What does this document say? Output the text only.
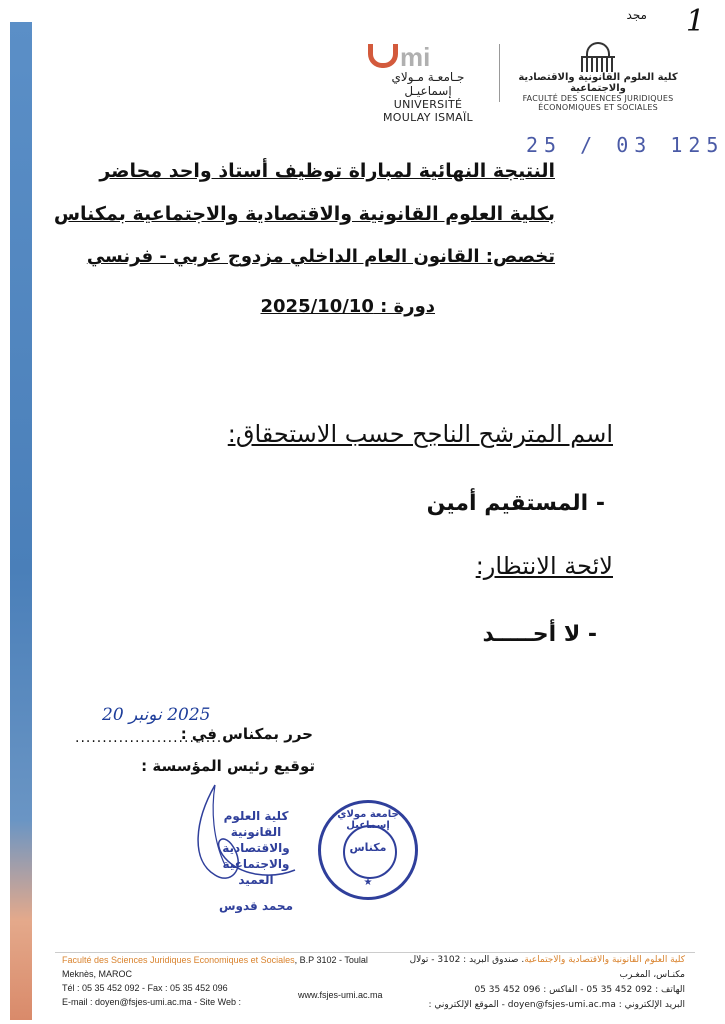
1
مجد
mi
جـامعـة مـولاي إسماعيـل
UNIVERSITÉ MOULAY ISMAÏL
كلية العلوم القانونية والاقتصادية والاجتماعية
FACULTÉ DES SCIENCES JURIDIQUES ÉCONOMIQUES ET SOCIALES
25 / 03 125
النتيجة النهائية لمباراة توظيف أستاذ واحد محاضر
بكلية العلوم القانونية والاقتصادية والاجتماعية بمكناس
تخصص: القانون العام الداخلي مزدوج عربي - فرنسي
دورة : 2025/10/10
اسم المترشح الناجح حسب الاستحقاق:
- المستقيم أمين
لائحة الانتظار:
- لا أحـــــد
2025 نونبر 20
حرر بمكناس في :
...........................
توقيع رئيس المؤسسة :
كلية العلوم القانونية
والاقتصادية والاجتماعية
العميد
محمد قدوس
جامعة مولاي إسماعيل
مكناس
★
Faculté des Sciences Juridiques Economiques et Sociales, B.P 3102 - Toulal
Meknès, MAROC
Tél : 05 35 452 092 - Fax : 05 35 452 096
E-mail : doyen@fsjes-umi.ac.ma - Site Web :
www.fsjes-umi.ac.ma
كلية العلوم القانونية والاقتصادية والاجتماعية. صندوق البريد : 3102 - تولال
مكنـاس، المغـرب
الهاتف : 092 452 35 05 - الفاكس : 096 452 35 05
البريد الإلكتروني : doyen@fsjes-umi.ac.ma - الموقع الإلكتروني :
